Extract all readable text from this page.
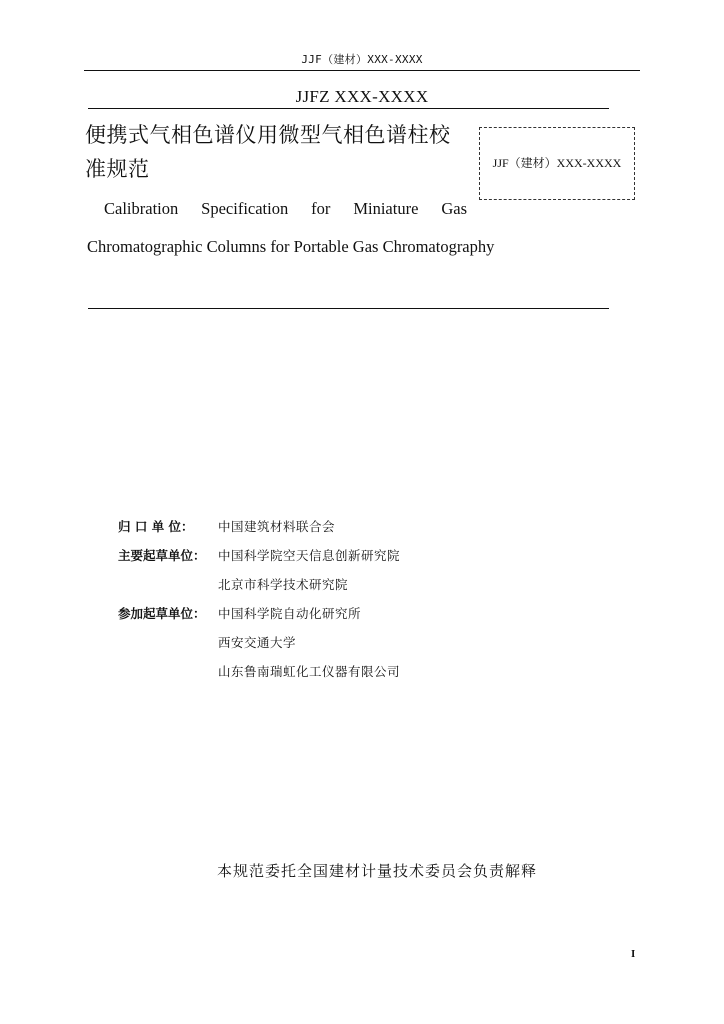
JJF（建材）XXX-XXXX
JJFZ XXX-XXXX
便携式气相色谱仪用微型气相色谱柱校
准规范	JJF（建材）XXX-XXXX
Calibration Specification for Miniature Gas
Chromatographic Columns for Portable Gas Chromatography
归 口 单 位：	中国建筑材料联合会
主要起草单位： 中国科学院空天信息创新研究院
北京市科学技术研究院
参加起草单位： 中国科学院自动化研究所
西安交通大学
山东鲁南瑞虹化工仪器有限公司
本规范委托全国建材计量技术委员会负责解释
I
